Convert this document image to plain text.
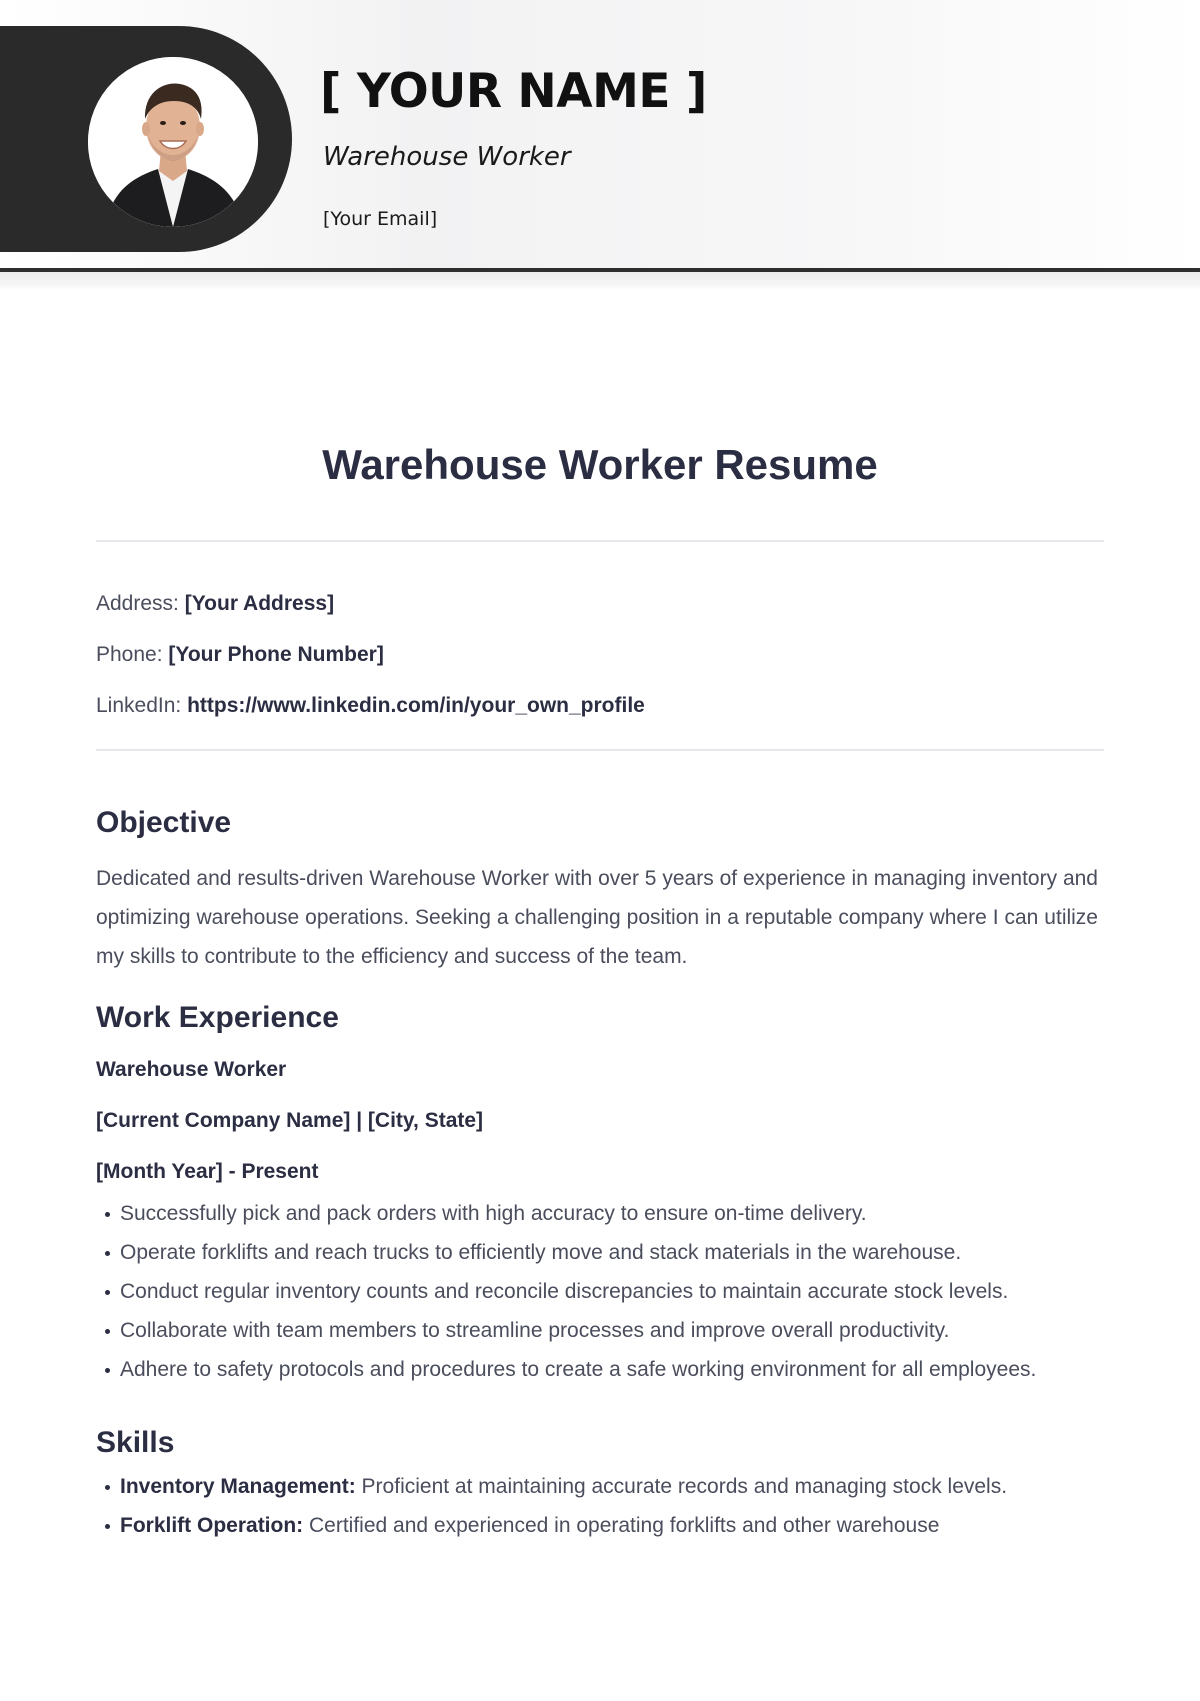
[ YOUR NAME ]
Warehouse Worker
[Your Email]
Warehouse Worker Resume
Address: [Your Address]
Phone: [Your Phone Number]
LinkedIn: https://www.linkedin.com/in/your_own_profile
Objective

Dedicated and results-driven Warehouse Worker with over 5 years of experience in managing inventory and optimizing warehouse operations. Seeking a challenging position in a reputable company where I can utilize my skills to contribute to the efficiency and success of the team.

Work Experience
Warehouse Worker
[Current Company Name] | [City, State]
[Month Year] - Present
Successfully pick and pack orders with high accuracy to ensure on-time delivery.
Operate forklifts and reach trucks to efficiently move and stack materials in the warehouse.
Conduct regular inventory counts and reconcile discrepancies to maintain accurate stock levels.
Collaborate with team members to streamline processes and improve overall productivity.
Adhere to safety protocols and procedures to create a safe working environment for all employees.
Skills
Inventory Management: Proficient at maintaining accurate records and managing stock levels.
Forklift Operation: Certified and experienced in operating forklifts and other warehouse
